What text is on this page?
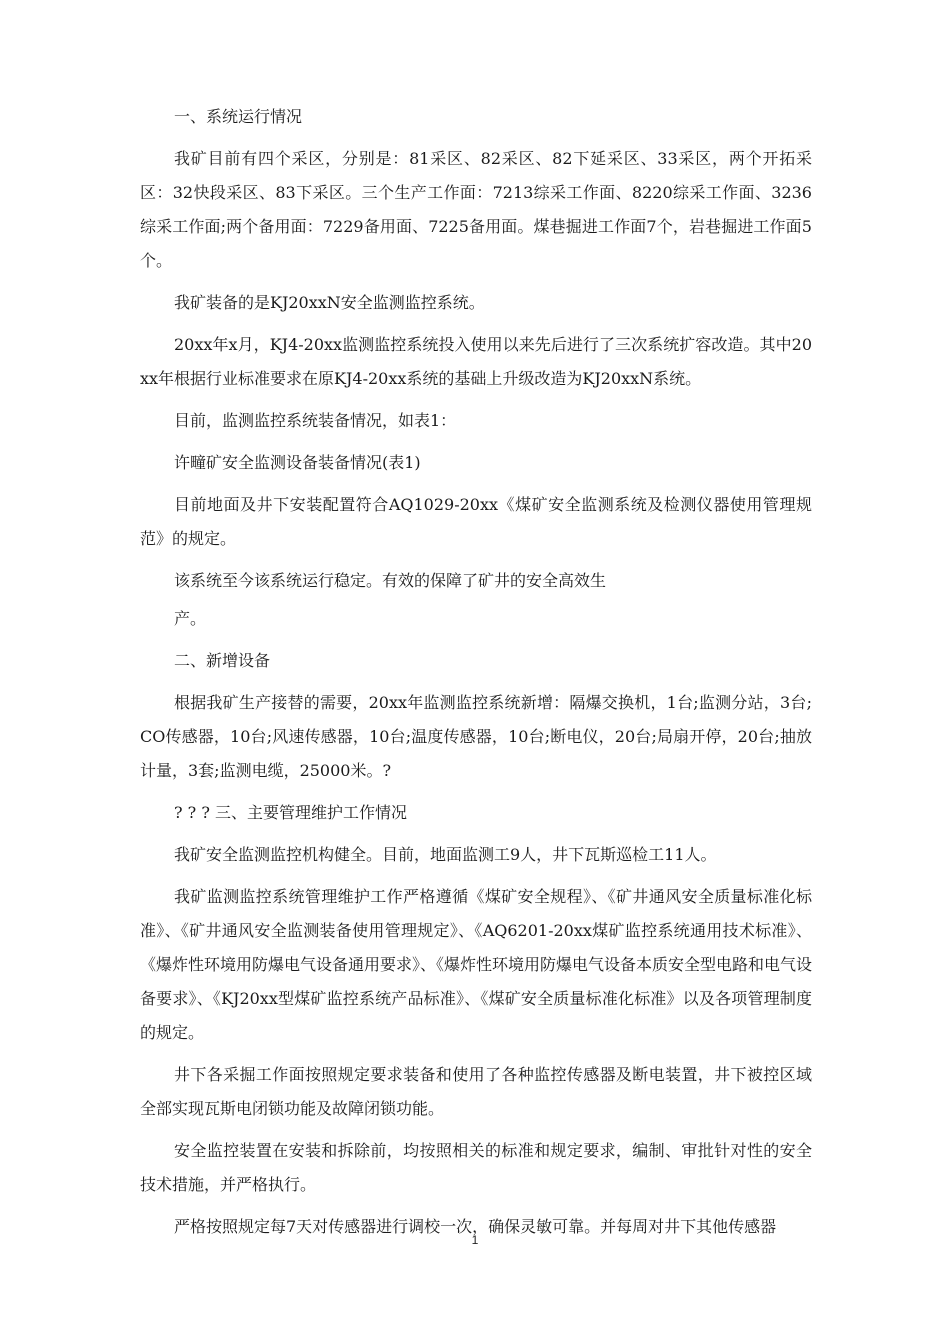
一、系统运行情况

我矿目前有四个采区，分别是：81采区、82采区、82下延采区、33采区，两个开拓采区：32快段采区、83下采区。三个生产工作面：7213综采工作面、8220综采工作面、3236综采工作面;两个备用面：7229备用面、7225备用面。煤巷掘进工作面7个，岩巷掘进工作面5个。

我矿装备的是KJ20xxN安全监测监控系统。

20xx年x月，KJ4-20xx监测监控系统投入使用以来先后进行了三次系统扩容改造。其中20xx年根据行业标准要求在原KJ4-20xx系统的基础上升级改造为KJ20xxN系统。

目前，监测监控系统装备情况，如表1：

许疃矿安全监测设备装备情况(表1)

目前地面及井下安装配置符合AQ1029-20xx《煤矿安全监测系统及检测仪器使用管理规范》的规定。

该系统至今该系统运行稳定。有效的保障了矿井的安全高效生

产。

二、新增设备

根据我矿生产接替的需要，20xx年监测监控系统新增：隔爆交换机，1台;监测分站，3台;CO传感器，10台;风速传感器，10台;温度传感器，10台;断电仪，20台;局扇开停，20台;抽放计量，3套;监测电缆，25000米。?

? ? ? 三、主要管理维护工作情况

我矿安全监测监控机构健全。目前，地面监测工9人，井下瓦斯巡检工11人。

我矿监测监控系统管理维护工作严格遵循《煤矿安全规程》、《矿井通风安全质量标准化标准》、《矿井通风安全监测装备使用管理规定》、《AQ6201-20xx煤矿监控系统通用技术标准》、《爆炸性环境用防爆电气设备通用要求》、《爆炸性环境用防爆电气设备本质安全型电路和电气设备要求》、《KJ20xx型煤矿监控系统产品标准》、《煤矿安全质量标准化标准》以及各项管理制度的规定。

井下各采掘工作面按照规定要求装备和使用了各种监控传感器及断电装置，井下被控区域全部实现瓦斯电闭锁功能及故障闭锁功能。

安全监控装置在安装和拆除前，均按照相关的标准和规定要求，编制、审批针对性的安全技术措施，并严格执行。

严格按照规定每7天对传感器进行调校一次，确保灵敏可靠。并每周对井下其他传感器

1
